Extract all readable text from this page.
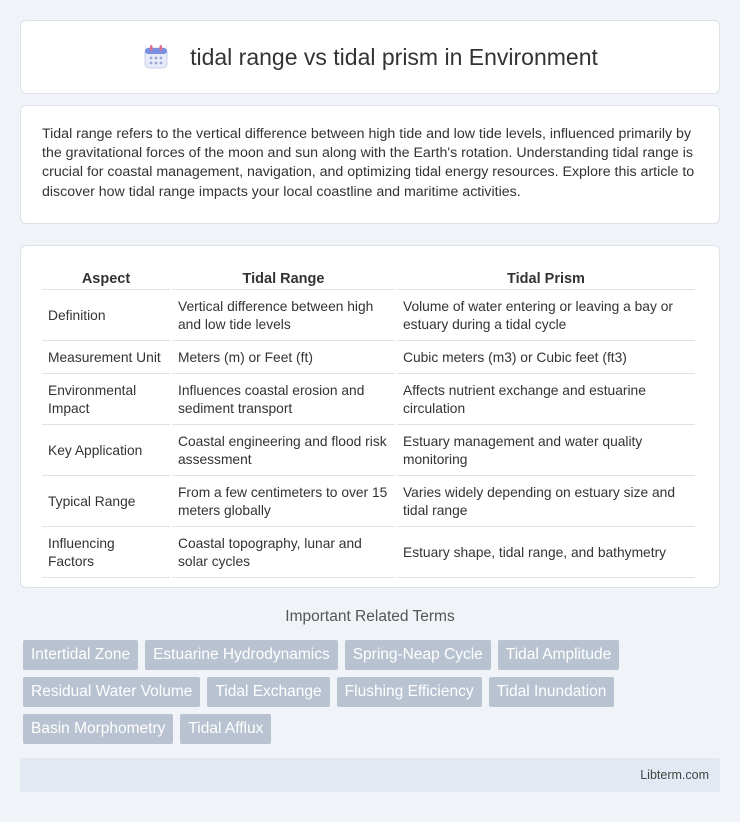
tidal range vs tidal prism in Environment

Tidal range refers to the vertical difference between high tide and low tide levels, influenced primarily by the gravitational forces of the moon and sun along with the Earth's rotation. Understanding tidal range is crucial for coastal management, navigation, and optimizing tidal energy resources. Explore this article to discover how tidal range impacts your local coastline and maritime activities.

Aspect	Tidal Range	Tidal Prism
Definition	Vertical difference between high and low tide levels	Volume of water entering or leaving a bay or estuary during a tidal cycle
Measurement Unit	Meters (m) or Feet (ft)	Cubic meters (m3) or Cubic feet (ft3)
Environmental Impact	Influences coastal erosion and sediment transport	Affects nutrient exchange and estuarine circulation
Key Application	Coastal engineering and flood risk assessment	Estuary management and water quality monitoring
Typical Range	From a few centimeters to over 15 meters globally	Varies widely depending on estuary size and tidal range
Influencing Factors	Coastal topography, lunar and solar cycles	Estuary shape, tidal range, and bathymetry
Important Related Terms
Intertidal Zone	Estuarine Hydrodynamics	Spring-Neap Cycle	Tidal Amplitude
Residual Water Volume	Tidal Exchange	Flushing Efficiency	Tidal Inundation
Basin Morphometry	Tidal Afflux
Libterm.com
